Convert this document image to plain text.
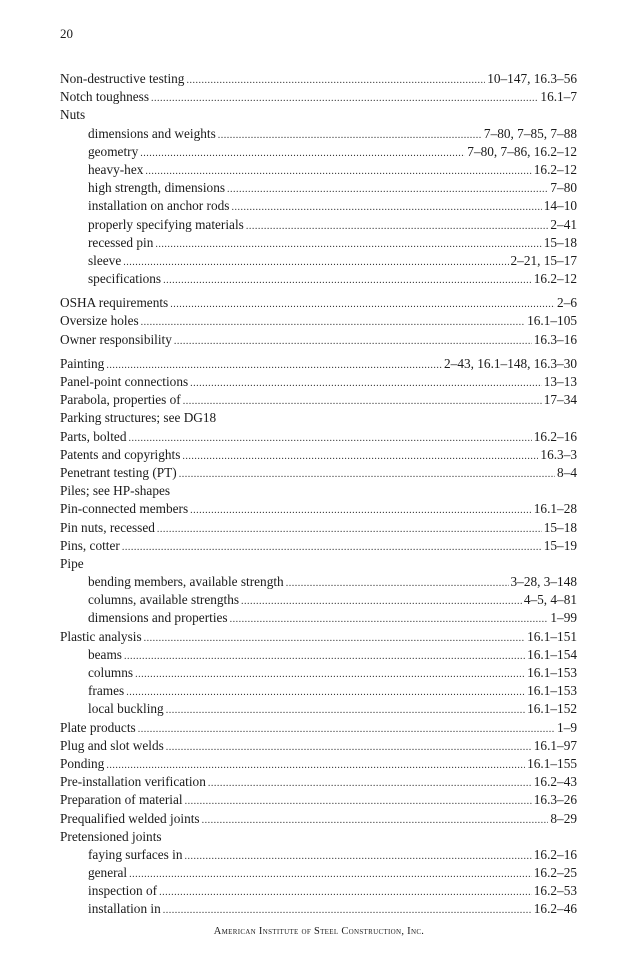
20
Non-destructive testing .....	10–147, 16.3–56
Notch toughness .....	16.1–7
Nuts
dimensions and weights .....	7–80, 7–85, 7–88
geometry .....	7–80, 7–86, 16.2–12
heavy-hex .....	16.2–12
high strength, dimensions .....	7–80
installation on anchor rods .....	14–10
properly specifying materials .....	2–41
recessed pin .....	15–18
sleeve .....	2–21, 15–17
specifications .....	16.2–12
OSHA requirements .....	2–6
Oversize holes .....	16.1–105
Owner responsibility .....	16.3–16
Painting .....	2–43, 16.1–148, 16.3–30
Panel-point connections .....	13–13
Parabola, properties of .....	17–34
Parking structures; see DG18
Parts, bolted .....	16.2–16
Patents and copyrights .....	16.3–3
Penetrant testing (PT) .....	8–4
Piles; see HP-shapes
Pin-connected members .....	16.1–28
Pin nuts, recessed .....	15–18
Pins, cotter .....	15–19
Pipe
bending members, available strength .....	3–28, 3–148
columns, available strengths .....	4–5, 4–81
dimensions and properties .....	1–99
Plastic analysis .....	16.1–151
beams .....	16.1–154
columns .....	16.1–153
frames .....	16.1–153
local buckling .....	16.1–152
Plate products .....	1–9
Plug and slot welds .....	16.1–97
Ponding .....	16.1–155
Pre-installation verification .....	16.2–43
Preparation of material .....	16.3–26
Prequalified welded joints .....	8–29
Pretensioned joints
faying surfaces in .....	16.2–16
general .....	16.2–25
inspection of .....	16.2–53
installation in .....	16.2–46
American Institute of Steel Construction, Inc.
